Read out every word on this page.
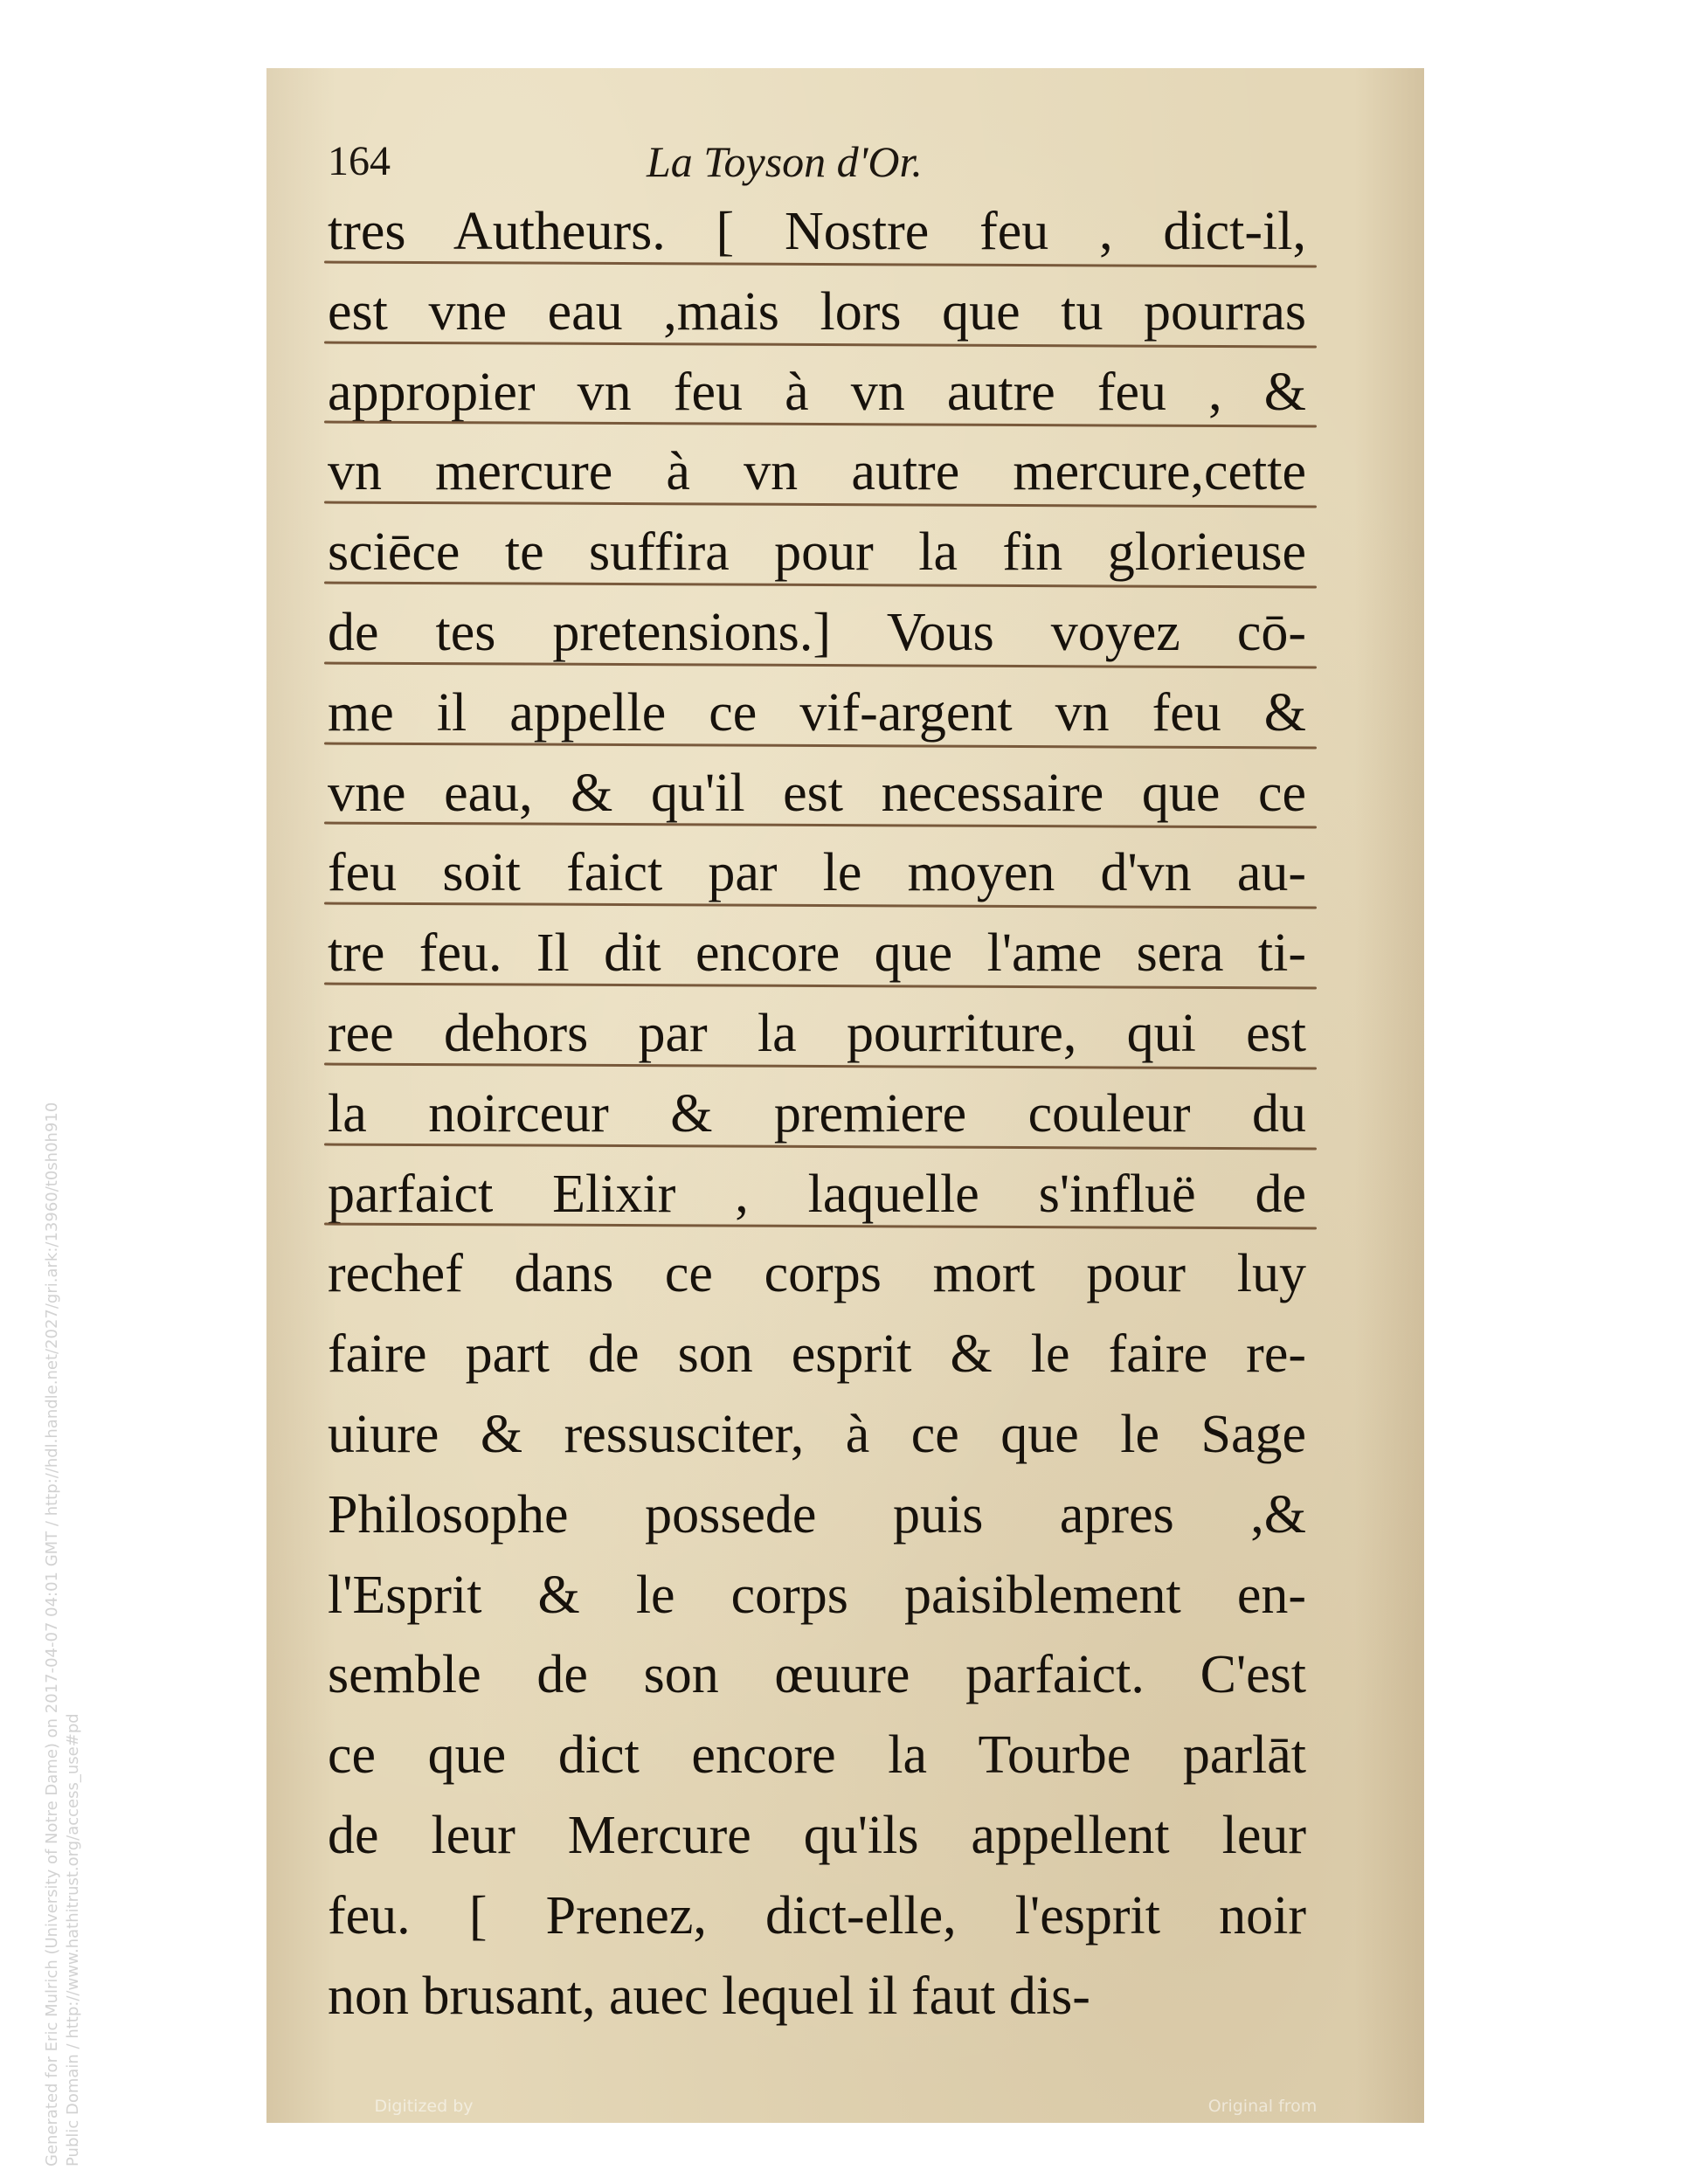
164	La Toyson d'Or.
tres Autheurs. [ Nostre feu , dict-il,
est vne eau ,mais lors que tu pourras
appropier vn feu à vn autre feu , &
vn mercure à vn autre mercure,cette
sciēce te suffira pour la fin glorieuse
de tes pretensions.] Vous voyez cō-
me il appelle ce vif-argent vn feu &
vne eau, & qu'il est necessaire que ce
feu soit faict par le moyen d'vn au-
tre feu. Il dit encore que l'ame sera ti-
ree dehors par la pourriture, qui est
la noirceur & premiere couleur du
parfaict Elixir , laquelle s'influë de
rechef dans ce corps mort pour luy
faire part de son esprit & le faire re-
uiure & ressusciter, à ce que le Sage
Philosophe possede puis apres ,&
l'Esprit & le corps paisiblement en-
semble de son œuure parfaict. C'est
ce que dict encore la Tourbe parlāt
de leur Mercure qu'ils appellent leur
feu. [ Prenez, dict-elle, l'esprit noir
non brusant, auec lequel il faut dis-
Digitized by
INTERNET ARCHIVE
Original from
THE GETTY RESEARCH INSTITUTE
Generated for Eric Mulrich (University of Notre Dame) on 2017-04-07 04:01 GMT / http://hdl.handle.net/2027/gri.ark:/13960/t0sh0h910 Public Domain / http://www.hathitrust.org/access_use#pd
